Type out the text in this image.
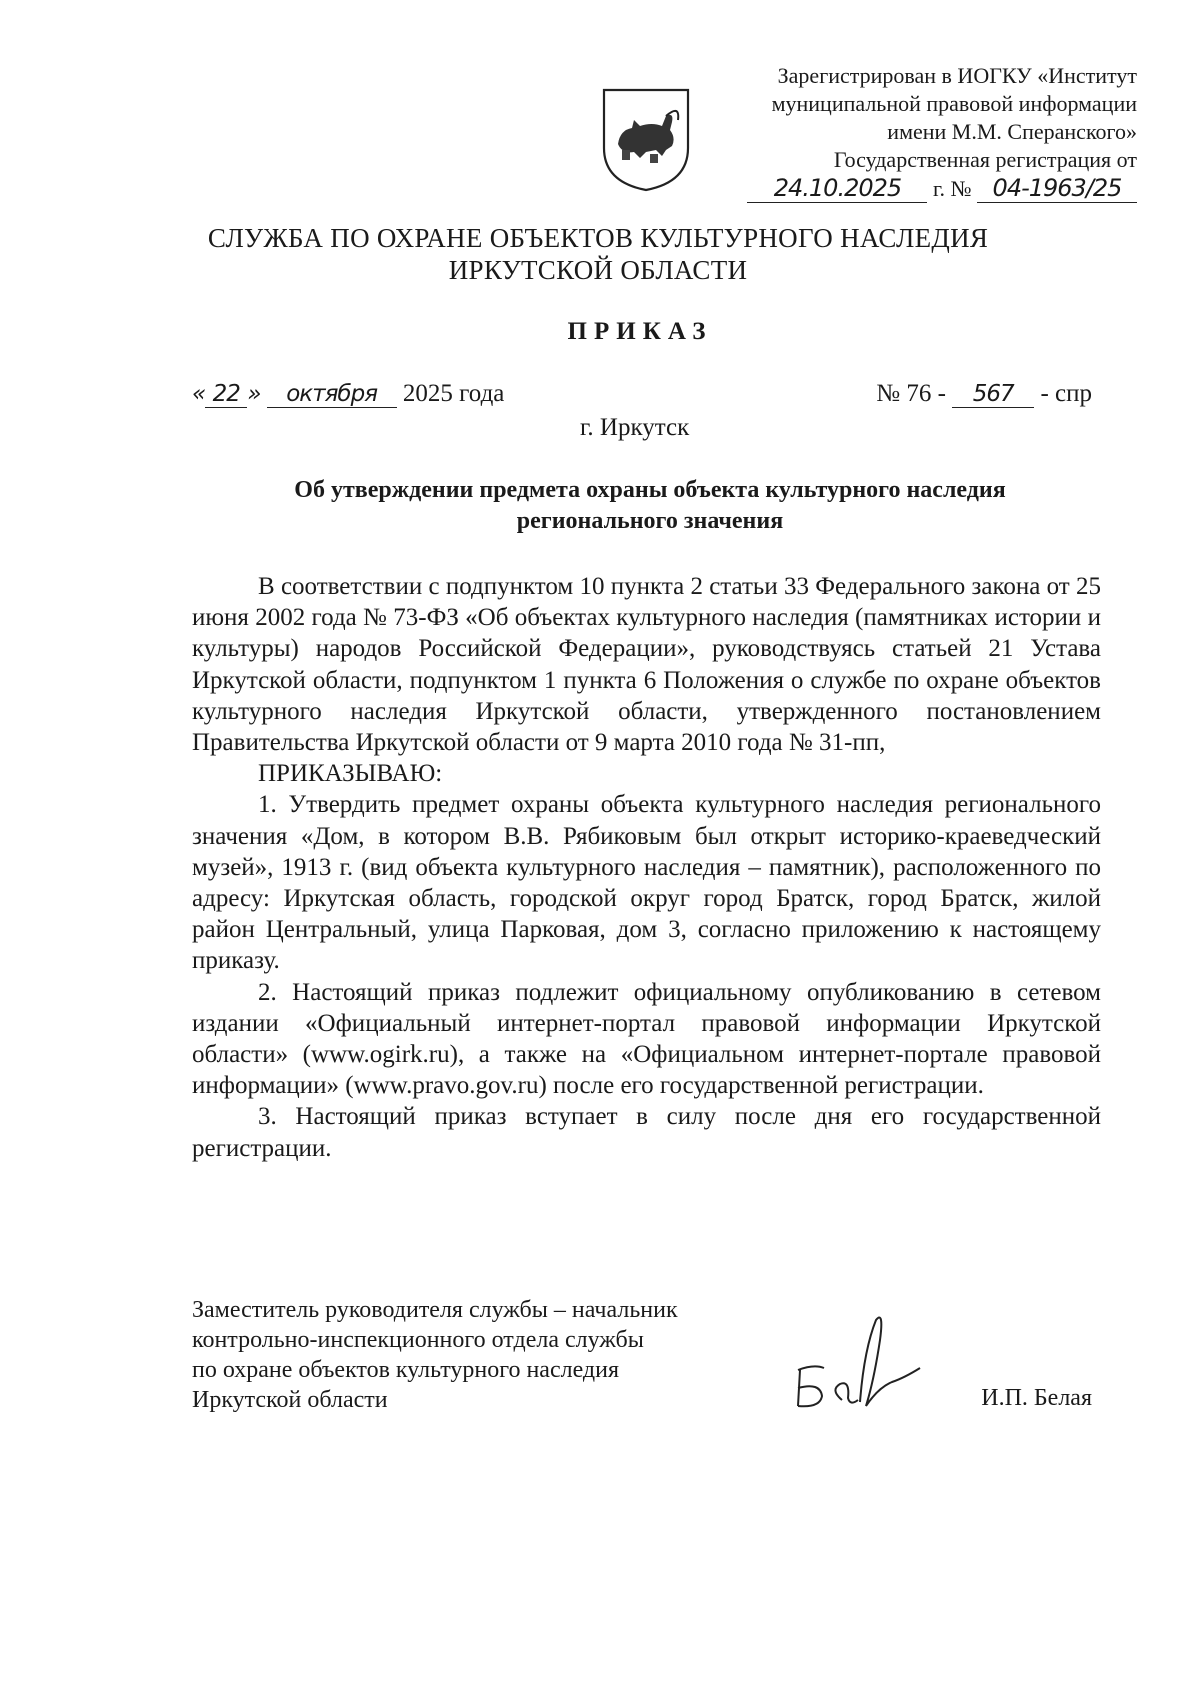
Зарегистрирован в ИОГКУ «Институт
муниципальной правовой информации
имени М.М. Сперанского»
Государственная регистрация от
24.10.2025 г. № 04-1963/25
СЛУЖБА ПО ОХРАНЕ ОБЪЕКТОВ КУЛЬТУРНОГО НАСЛЕДИЯ
ИРКУТСКОЙ ОБЛАСТИ
ПРИКАЗ
« 22 » октября 2025 года	№ 76 - 567 - спр
г. Иркутск
Об утверждении предмета охраны объекта культурного наследия
регионального значения

В соответствии с подпунктом 10 пункта 2 статьи 33 Федерального закона от 25 июня 2002 года № 73-ФЗ «Об объектах культурного наследия (памятниках истории и культуры) народов Российской Федерации», руководствуясь статьей 21 Устава Иркутской области, подпунктом 1 пункта 6 Положения о службе по охране объектов культурного наследия Иркутской области, утвержденного постановлением Правительства Иркутской области от 9 марта 2010 года № 31-пп,

ПРИКАЗЫВАЮ:

1. Утвердить предмет охраны объекта культурного наследия регионального значения «Дом, в котором В.В. Рябиковым был открыт историко-краеведческий музей», 1913 г. (вид объекта культурного наследия – памятник), расположенного по адресу: Иркутская область, городской округ город Братск, город Братск, жилой район Центральный, улица Парковая, дом 3, согласно приложению к настоящему приказу.

2. Настоящий приказ подлежит официальному опубликованию в сетевом издании «Официальный интернет-портал правовой информации Иркутской области» (www.ogirk.ru), а также на «Официальном интернет-портале правовой информации» (www.pravo.gov.ru) после его государственной регистрации.

3. Настоящий приказ вступает в силу после дня его государственной регистрации.

Заместитель руководителя службы – начальник
контрольно-инспекционного отдела службы
по охране объектов культурного наследия
Иркутской области	И.П. Белая
